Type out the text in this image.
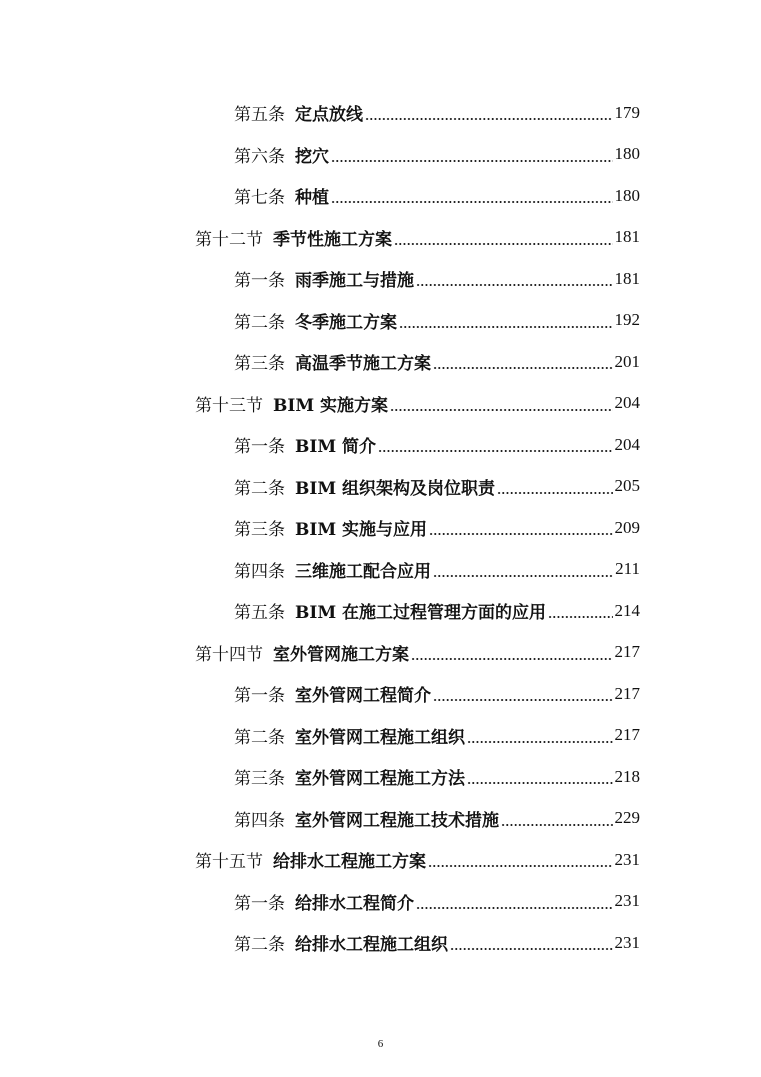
第五条 定点放线	179
第六条 挖穴	180
第七条 种植	180
第十二节 季节性施工方案	181
第一条 雨季施工与措施	181
第二条 冬季施工方案	192
第三条 高温季节施工方案	201
第十三节 BIM 实施方案	204
第一条 BIM 简介	204
第二条 BIM 组织架构及岗位职责	205
第三条 BIM 实施与应用	209
第四条 三维施工配合应用	211
第五条 BIM 在施工过程管理方面的应用	214
第十四节 室外管网施工方案	217
第一条 室外管网工程简介	217
第二条 室外管网工程施工组织	217
第三条 室外管网工程施工方法	218
第四条 室外管网工程施工技术措施	229
第十五节 给排水工程施工方案	231
第一条 给排水工程简介	231
第二条 给排水工程施工组织	231
6
